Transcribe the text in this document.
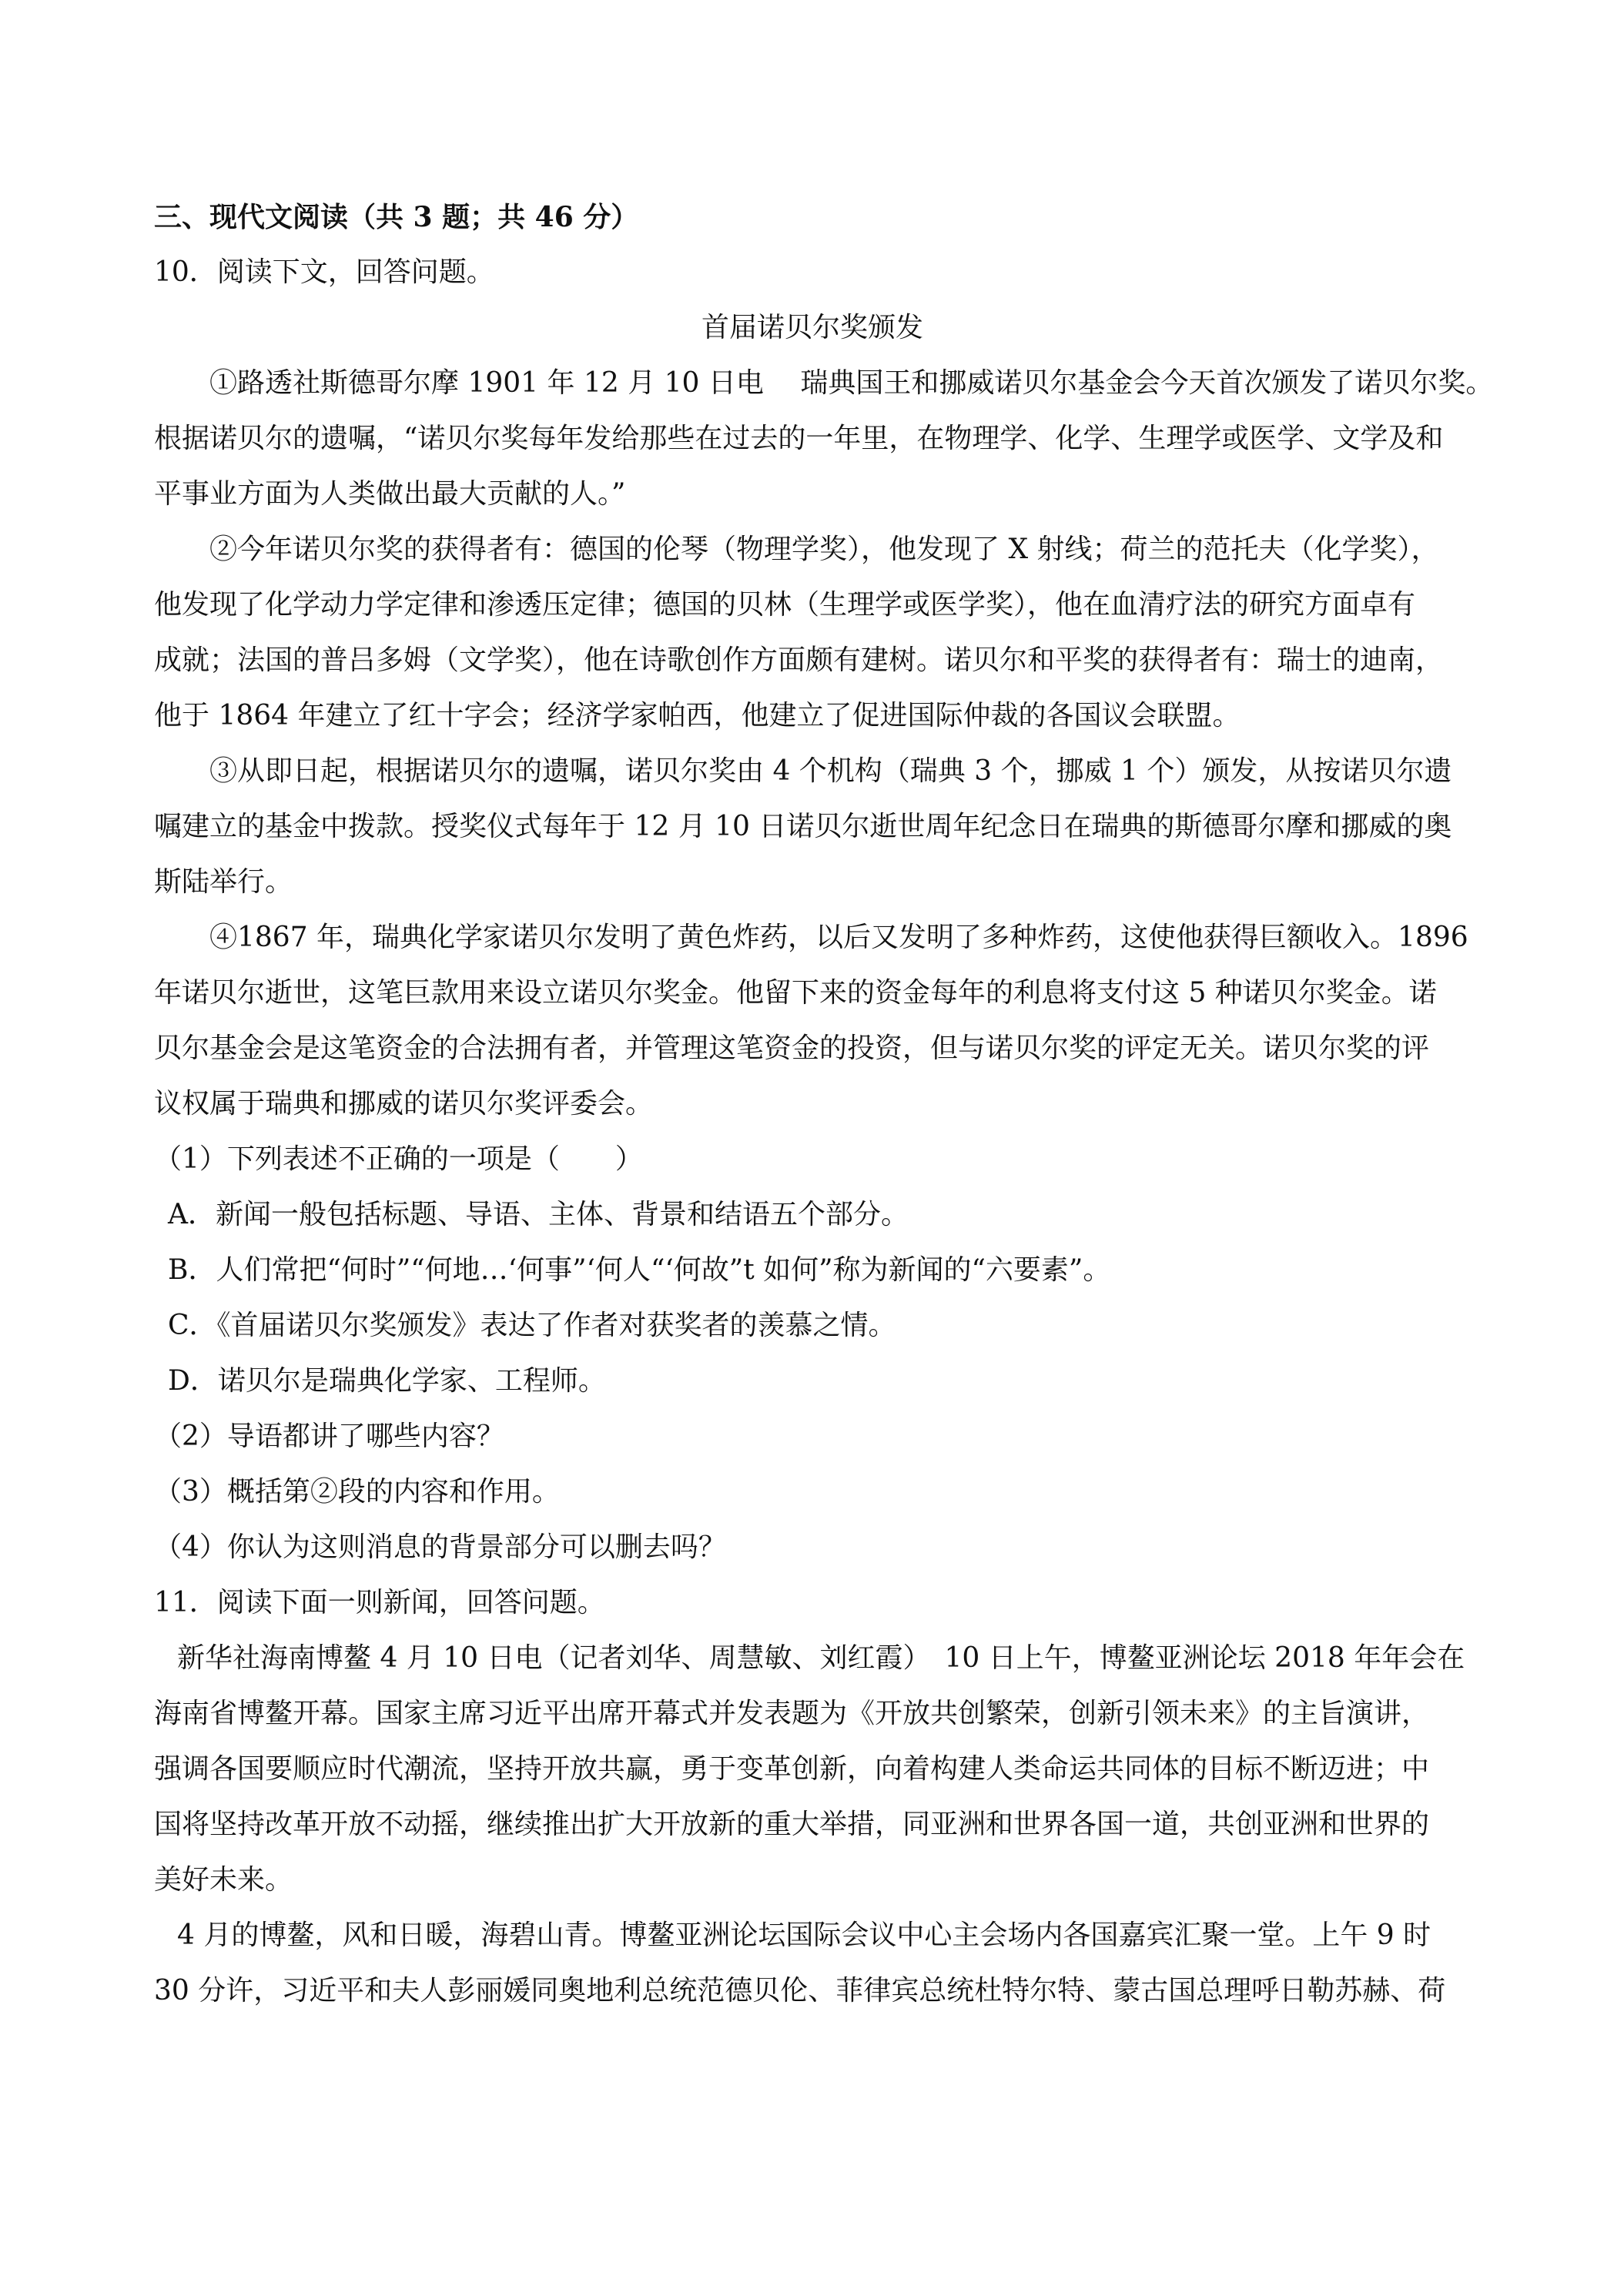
三、现代文阅读（共 3 题；共 46 分）

10．阅读下文，回答问题。

首届诺贝尔奖颁发

①路透社斯德哥尔摩 1901 年 12 月 10 日电　 瑞典国王和挪威诺贝尔基金会今天首次颁发了诺贝尔奖。

根据诺贝尔的遗嘱，“诺贝尔奖每年发给那些在过去的一年里，在物理学、化学、生理学或医学、文学及和

平事业方面为人类做出最大贡献的人。”

②今年诺贝尔奖的获得者有：德国的伦琴（物理学奖），他发现了 X 射线；荷兰的范托夫（化学奖），

他发现了化学动力学定律和渗透压定律；德国的贝林（生理学或医学奖），他在血清疗法的研究方面卓有

成就；法国的普吕多姆（文学奖），他在诗歌创作方面颇有建树。诺贝尔和平奖的获得者有：瑞士的迪南，

他于 1864 年建立了红十字会；经济学家帕西，他建立了促进国际仲裁的各国议会联盟。

③从即日起，根据诺贝尔的遗嘱，诺贝尔奖由 4 个机构（瑞典 3 个，挪威 1 个）颁发，从按诺贝尔遗

嘱建立的基金中拨款。授奖仪式每年于 12 月 10 日诺贝尔逝世周年纪念日在瑞典的斯德哥尔摩和挪威的奥

斯陆举行。

④1867 年，瑞典化学家诺贝尔发明了黄色炸药，以后又发明了多种炸药，这使他获得巨额收入。1896

年诺贝尔逝世，这笔巨款用来设立诺贝尔奖金。他留下来的资金每年的利息将支付这 5 种诺贝尔奖金。诺

贝尔基金会是这笔资金的合法拥有者，并管理这笔资金的投资，但与诺贝尔奖的评定无关。诺贝尔奖的评

议权属于瑞典和挪威的诺贝尔奖评委会。

（1）下列表述不正确的一项是（　　）

A．新闻一般包括标题、导语、主体、背景和结语五个部分。

B．人们常把“何时”“何地…‘何事”‘何人“‘何故”t 如何”称为新闻的“六要素”。

C．《首届诺贝尔奖颁发》表达了作者对获奖者的羡慕之情。

D．诺贝尔是瑞典化学家、工程师。

（2）导语都讲了哪些内容？

（3）概括第②段的内容和作用。

（4）你认为这则消息的背景部分可以删去吗？

11．阅读下面一则新闻，回答问题。

新华社海南博鳌 4 月 10 日电（记者刘华、周慧敏、刘红霞）　10 日上午，博鳌亚洲论坛 2018 年年会在

海南省博鳌开幕。国家主席习近平出席开幕式并发表题为《开放共创繁荣，创新引领未来》的主旨演讲，

强调各国要顺应时代潮流，坚持开放共赢，勇于变革创新，向着构建人类命运共同体的目标不断迈进；中

国将坚持改革开放不动摇，继续推出扩大开放新的重大举措，同亚洲和世界各国一道，共创亚洲和世界的

美好未来。

4 月的博鳌，风和日暖，海碧山青。博鳌亚洲论坛国际会议中心主会场内各国嘉宾汇聚一堂。上午 9 时

30 分许，习近平和夫人彭丽媛同奥地利总统范德贝伦、菲律宾总统杜特尔特、蒙古国总理呼日勒苏赫、荷
